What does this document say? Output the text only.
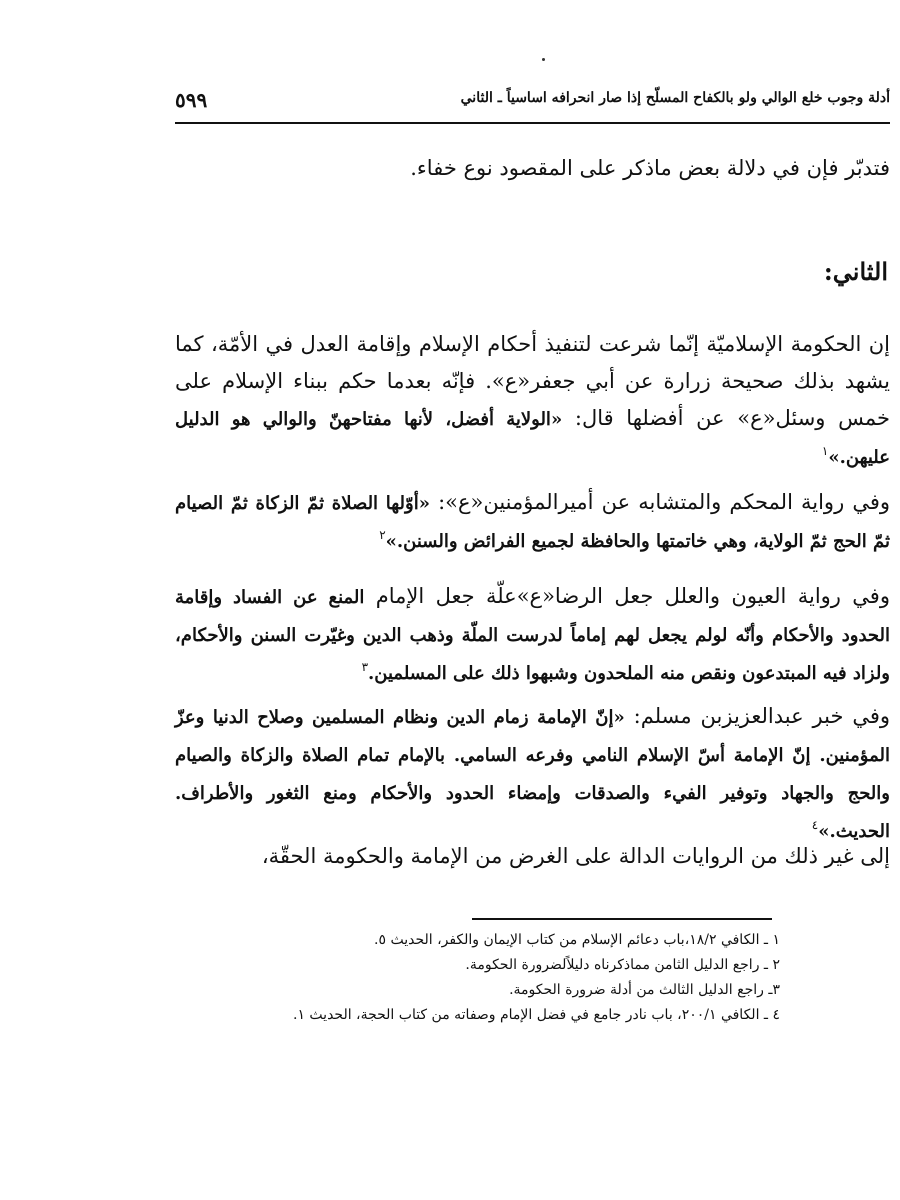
أدلة وجوب خلع الوالي ولو بالكفاح المسلّح إذا صار انحرافه اساسياً ـ الثاني
٥٩٩
فتدبّر فإن في دلالة بعض ماذكر على المقصود نوع خفاء.
الثاني:
إن الحكومة الإسلاميّة إنّما شرعت لتنفيذ أحكام الإسلام وإقامة العدل في الأمّة، كما يشهد بذلك صحيحة زرارة عن أبي جعفر«ع». فإنّه بعدما حكم ببناء الإسلام على خمس وسئل«ع» عن أفضلها قال: «الولاية أفضل، لأنها مفتاحهنّ والوالي هو الدليل عليهن.»$^١$
وفي رواية المحكم والمتشابه عن أميرالمؤمنين«ع»: «أوّلها الصلاة ثمّ الزكاة ثمّ الصيام ثمّ الحج ثمّ الولاية، وهي خاتمتها والحافظة لجميع الفرائض والسنن.»$^٢$
وفي رواية العيون والعلل جعل الرضا«ع»علّة جعل الإمام المنع عن الفساد وإقامة الحدود والأحكام وأنّه لولم يجعل لهم إماماً لدرست الملّة وذهب الدين وغيّرت السنن والأحكام، ولزاد فيه المبتدعون ونقص منه الملحدون وشبهوا ذلك على المسلمين.$^٣$
وفي خبر عبدالعزيزبن مسلم: «إنّ الإمامة زمام الدين ونظام المسلمين وصلاح الدنيا وعزّ المؤمنين. إنّ الإمامة أسّ الإسلام النامي وفرعه السامي. بالإمام تمام الصلاة والزكاة والصيام والحج والجهاد وتوفير الفيء والصدقات وإمضاء الحدود والأحكام ومنع الثغور والأطراف. الحديث.»$^٤$
إلى غير ذلك من الروايات الدالة على الغرض من الإمامة والحكومة الحقّة،
١ ـ الكافي ١٨/٢،باب دعائم الإسلام من كتاب الإيمان والكفر، الحديث ٥.
٢ ـ راجع الدليل الثامن مماذكرناه دليلاًلضرورة الحكومة.
٣ـ راجع الدليل الثالث من أدلة ضرورة الحكومة.
٤ ـ الكافي ٢٠٠/١، باب نادر جامع في فضل الإمام وصفاته من كتاب الحجة، الحديث ١.
